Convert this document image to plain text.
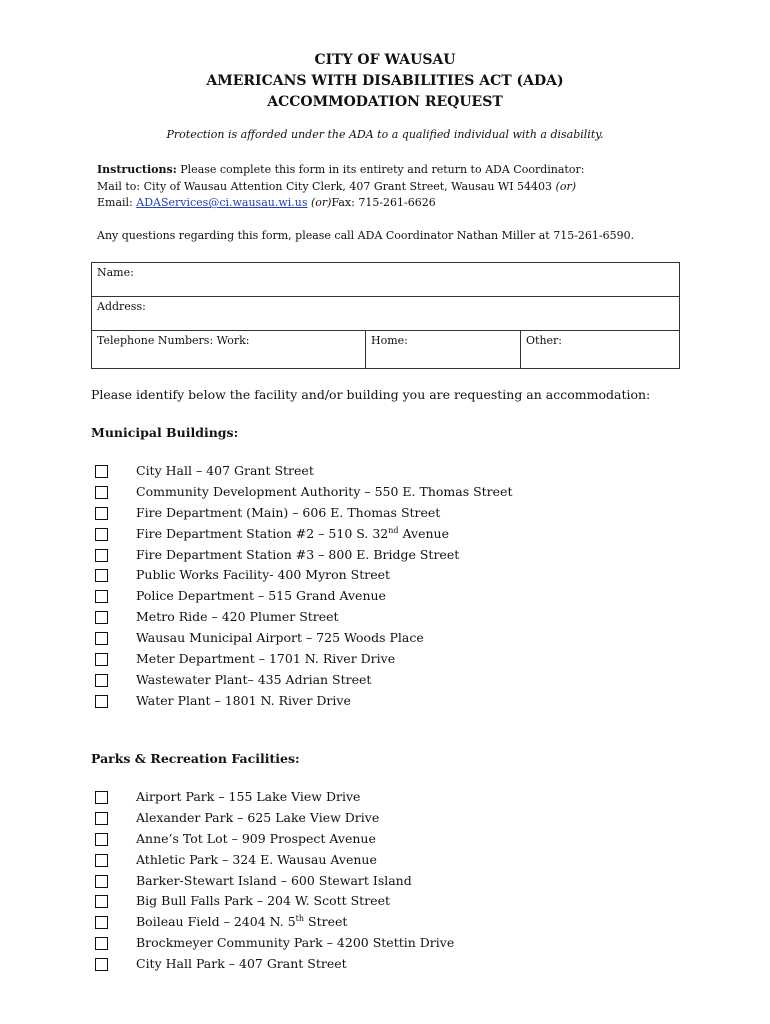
CITY OF WAUSAU
AMERICANS WITH DISABILITIES ACT (ADA)
ACCOMMODATION REQUEST
Protection is afforded under the ADA to a qualified individual with a disability.
Instructions: Please complete this form in its entirety and return to ADA Coordinator:
Mail to: City of Wausau Attention City Clerk, 407 Grant Street, Wausau WI 54403 (or)
Email: ADAServices@ci.wausau.wi.us (or)Fax: 715-261-6626
Any questions regarding this form, please call ADA Coordinator Nathan Miller at 715-261-6590.
Name:
Address:
Telephone Numbers: Work:	Home:	Other:
Please identify below the facility and/or building you are requesting an accommodation:
Municipal Buildings:
City Hall – 407 Grant Street
Community Development Authority – 550 E. Thomas Street
Fire Department (Main) – 606 E. Thomas Street
Fire Department Station #2 – 510 S. 32nd Avenue
Fire Department Station #3 – 800 E. Bridge Street
Public Works Facility- 400 Myron Street
Police Department – 515 Grand Avenue
Metro Ride – 420 Plumer Street
Wausau Municipal Airport – 725 Woods Place
Meter Department – 1701 N. River Drive
Wastewater Plant– 435 Adrian Street
Water Plant – 1801 N. River Drive
Parks & Recreation Facilities:
Airport Park – 155 Lake View Drive
Alexander Park – 625 Lake View Drive
Anne’s Tot Lot – 909 Prospect Avenue
Athletic Park – 324 E. Wausau Avenue
Barker-Stewart Island – 600 Stewart Island
Big Bull Falls Park – 204 W. Scott Street
Boileau Field – 2404 N. 5th Street
Brockmeyer Community Park – 4200 Stettin Drive
City Hall Park – 407 Grant Street
